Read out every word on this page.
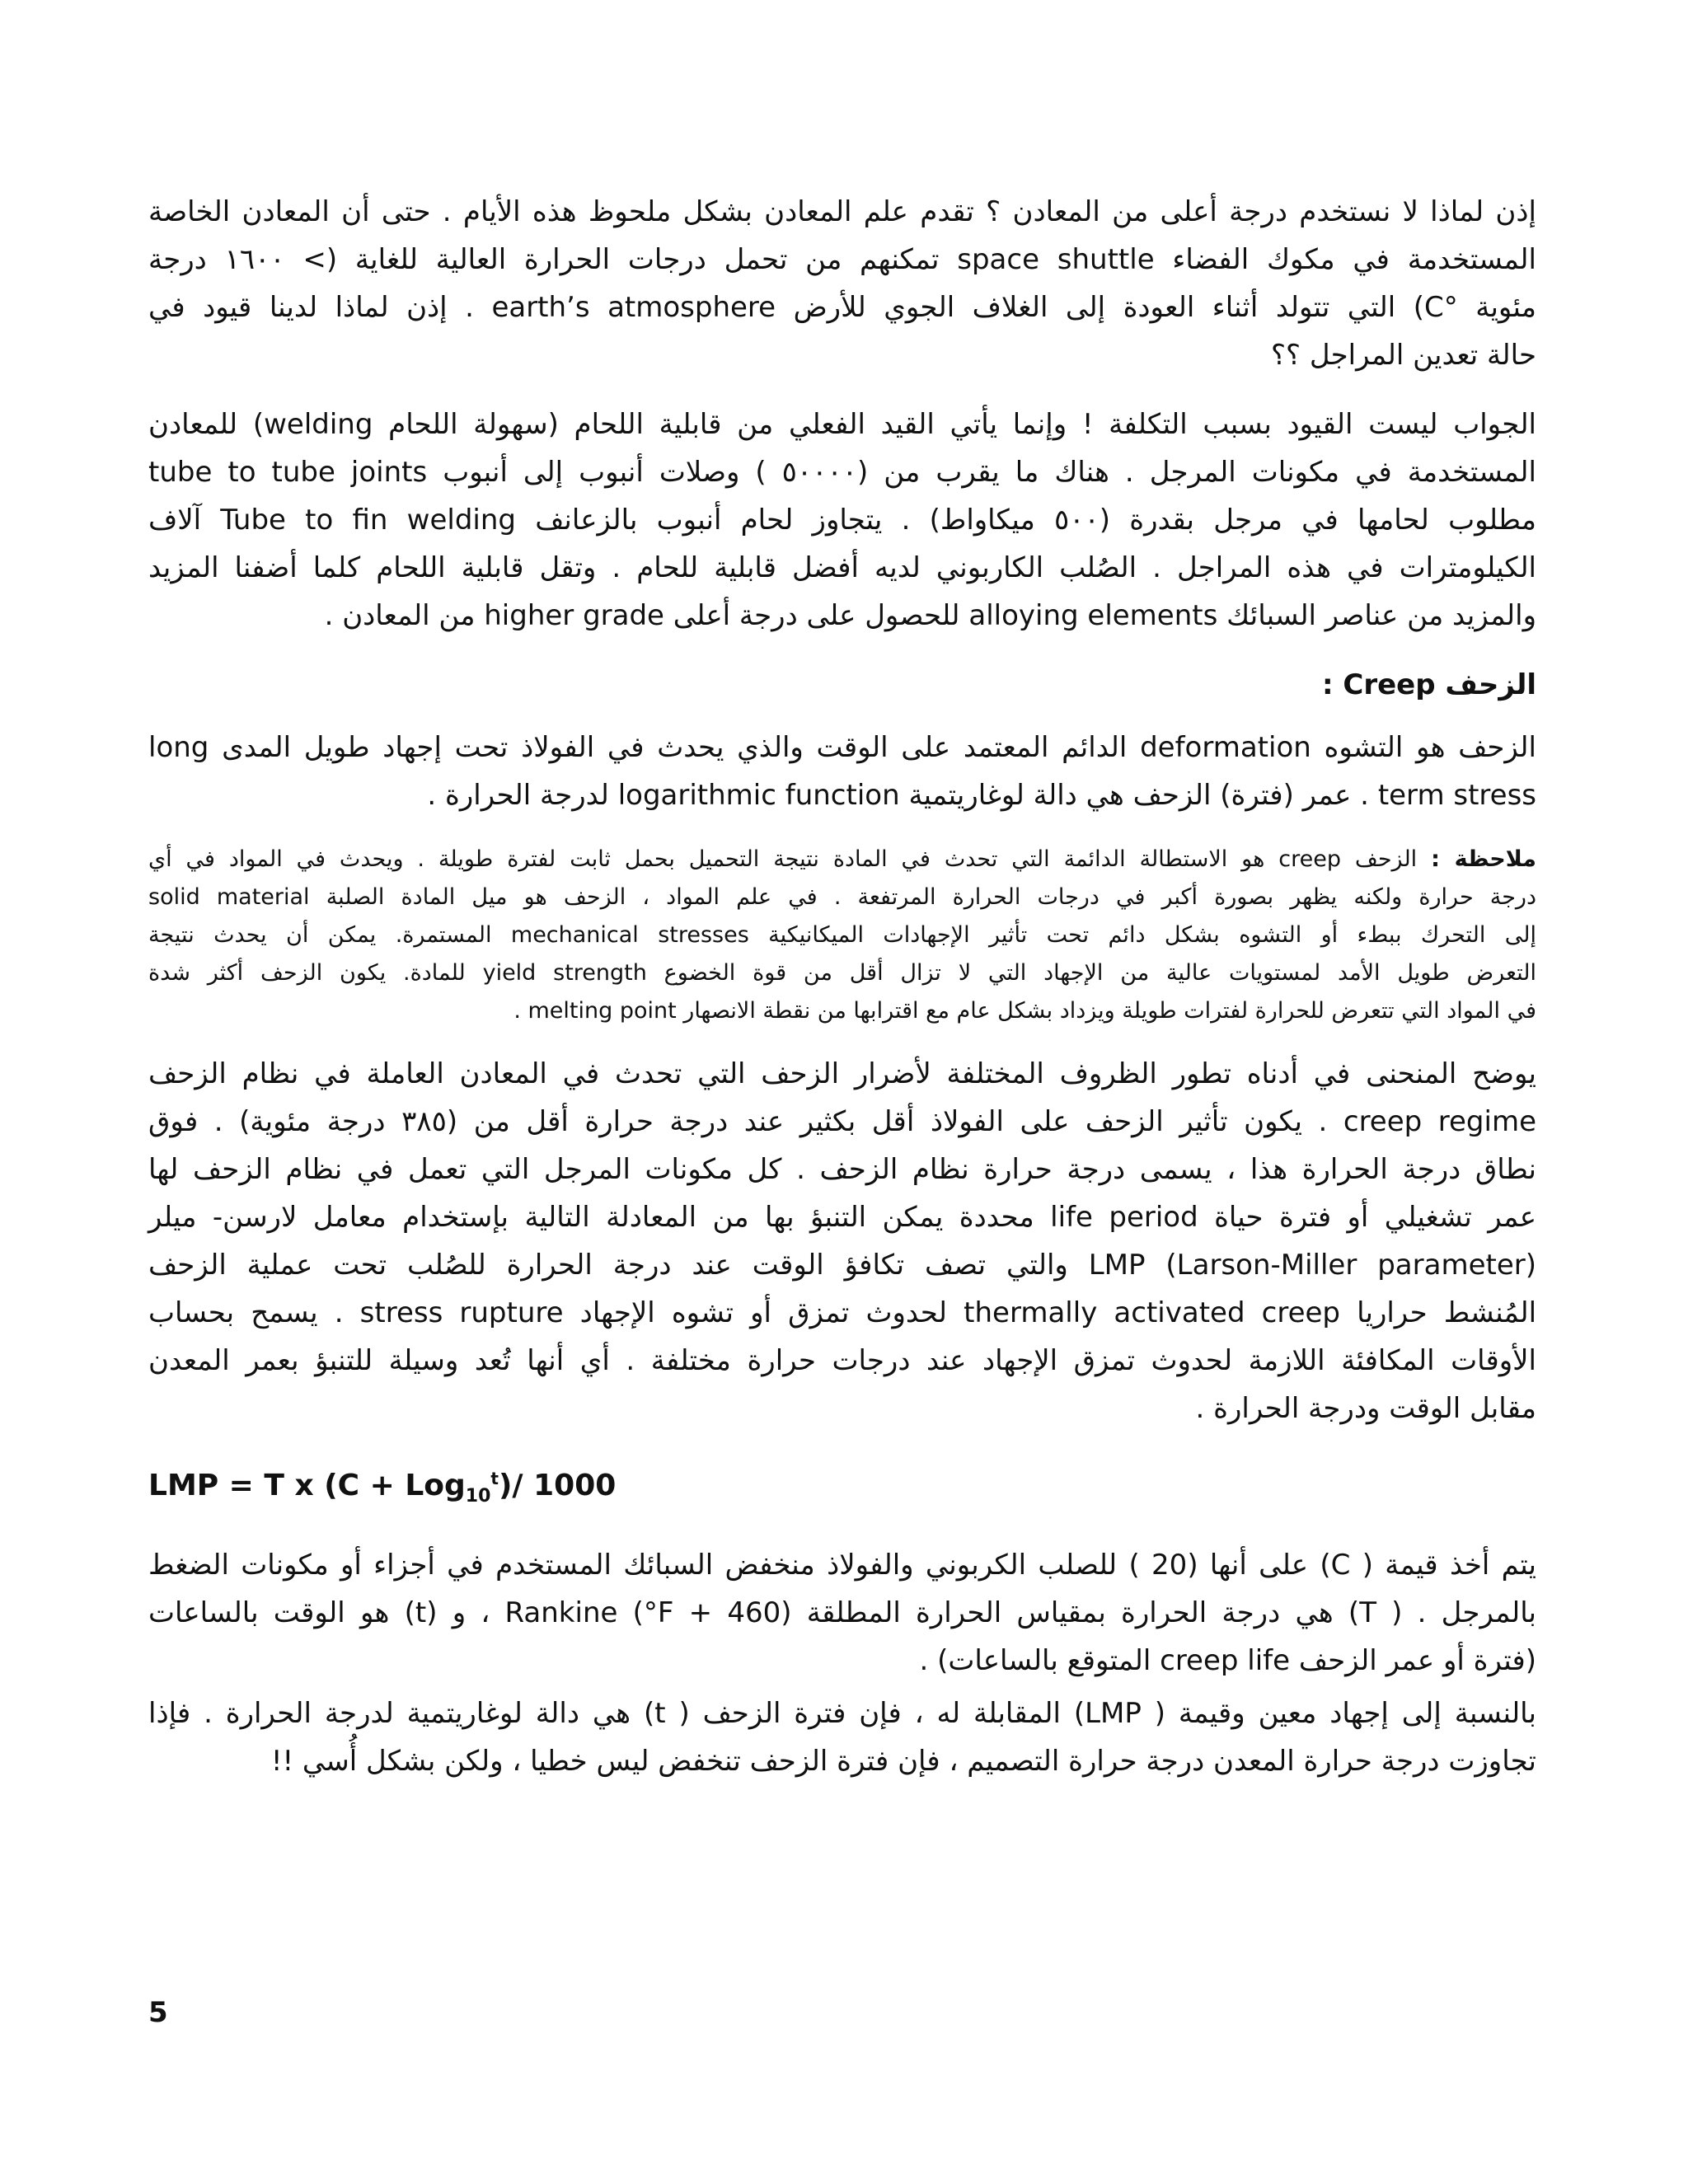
إذن لماذا لا نستخدم درجة أعلى من المعادن ؟ تقدم علم المعادن بشكل ملحوظ هذه الأيام . حتى أن المعادن الخاصة
المستخدمة في مكوك الفضاء space shuttle تمكنهم من تحمل درجات الحرارة العالية للغاية (> ١٦٠٠ درجة
مئوية °C) التي تتولد أثناء العودة إلى الغلاف الجوي للأرض earth’s atmosphere . إذن لماذا لدينا قيود في
حالة تعدين المراجل ؟؟

الجواب ليست القيود بسبب التكلفة ! وإنما يأتي القيد الفعلي من قابلية اللحام (سهولة اللحام welding) للمعادن
المستخدمة في مكونات المرجل . هناك ما يقرب من (٥٠٠٠٠ ) وصلات أنبوب إلى أنبوب tube to tube joints
مطلوب لحامها في مرجل بقدرة (٥٠٠ ميكاواط) . يتجاوز لحام أنبوب بالزعانف Tube to fin welding آلاف
الكيلومترات في هذه المراجل . الصُلب الكاربوني لديه أفضل قابلية للحام . وتقل قابلية اللحام كلما أضفنا المزيد
والمزيد من عناصر السبائك alloying elements للحصول على درجة أعلى higher grade من المعادن .

الزحف Creep :

الزحف هو التشوه deformation الدائم المعتمد على الوقت والذي يحدث في الفولاذ تحت إجهاد طويل المدى long
term stress . عمر (فترة) الزحف هي دالة لوغاريتمية logarithmic function لدرجة الحرارة .

ملاحظة : الزحف creep هو الاستطالة الدائمة التي تحدث في المادة نتيجة التحميل بحمل ثابت لفترة طويلة . ويحدث في المواد في أي
درجة حرارة ولكنه يظهر بصورة أكبر في درجات الحرارة المرتفعة . في علم المواد ، الزحف هو ميل المادة الصلبة solid material
إلى التحرك ببطء أو التشوه بشكل دائم تحت تأثير الإجهادات الميكانيكية mechanical stresses المستمرة. يمكن أن يحدث نتيجة
التعرض طويل الأمد لمستويات عالية من الإجهاد التي لا تزال أقل من قوة الخضوع yield strength للمادة. يكون الزحف أكثر شدة
في المواد التي تتعرض للحرارة لفترات طويلة ويزداد بشكل عام مع اقترابها من نقطة الانصهار melting point .

يوضح المنحنى في أدناه تطور الظروف المختلفة لأضرار الزحف التي تحدث في المعادن العاملة في نظام الزحف
creep regime . يكون تأثير الزحف على الفولاذ أقل بكثير عند درجة حرارة أقل من (٣٨٥ درجة مئوية) . فوق
نطاق درجة الحرارة هذا ، يسمى درجة حرارة نظام الزحف . كل مكونات المرجل التي تعمل في نظام الزحف لها
عمر تشغيلي أو فترة حياة life period محددة يمكن التنبؤ بها من المعادلة التالية بإستخدام معامل لارسن- ميلر
LMP (Larson-Miller parameter) والتي تصف تكافؤ الوقت عند درجة الحرارة للصُلب تحت عملية الزحف
المُنشط حراريا thermally activated creep لحدوث تمزق أو تشوه الإجهاد stress rupture . يسمح بحساب
الأوقات المكافئة اللازمة لحدوث تمزق الإجهاد عند درجات حرارة مختلفة . أي أنها تُعد وسيلة للتنبؤ بعمر المعدن
مقابل الوقت ودرجة الحرارة .

LMP = T x (C + Log$_{10}^t$)/ 1000

يتم أخذ قيمة ( C) على أنها (20 ) للصلب الكربوني والفولاذ منخفض السبائك المستخدم في أجزاء أو مكونات الضغط
بالمرجل . ( T) هي درجة الحرارة بمقياس الحرارة المطلقة (460 + F°) Rankine ، و (t) هو الوقت بالساعات
(فترة أو عمر الزحف creep life المتوقع بالساعات) .

بالنسبة إلى إجهاد معين وقيمة ( LMP) المقابلة له ، فإن فترة الزحف ( t) هي دالة لوغاريتمية لدرجة الحرارة . فإذا
تجاوزت درجة حرارة المعدن درجة حرارة التصميم ، فإن فترة الزحف تنخفض ليس خطيا ، ولكن بشكل أُسي !!

5
